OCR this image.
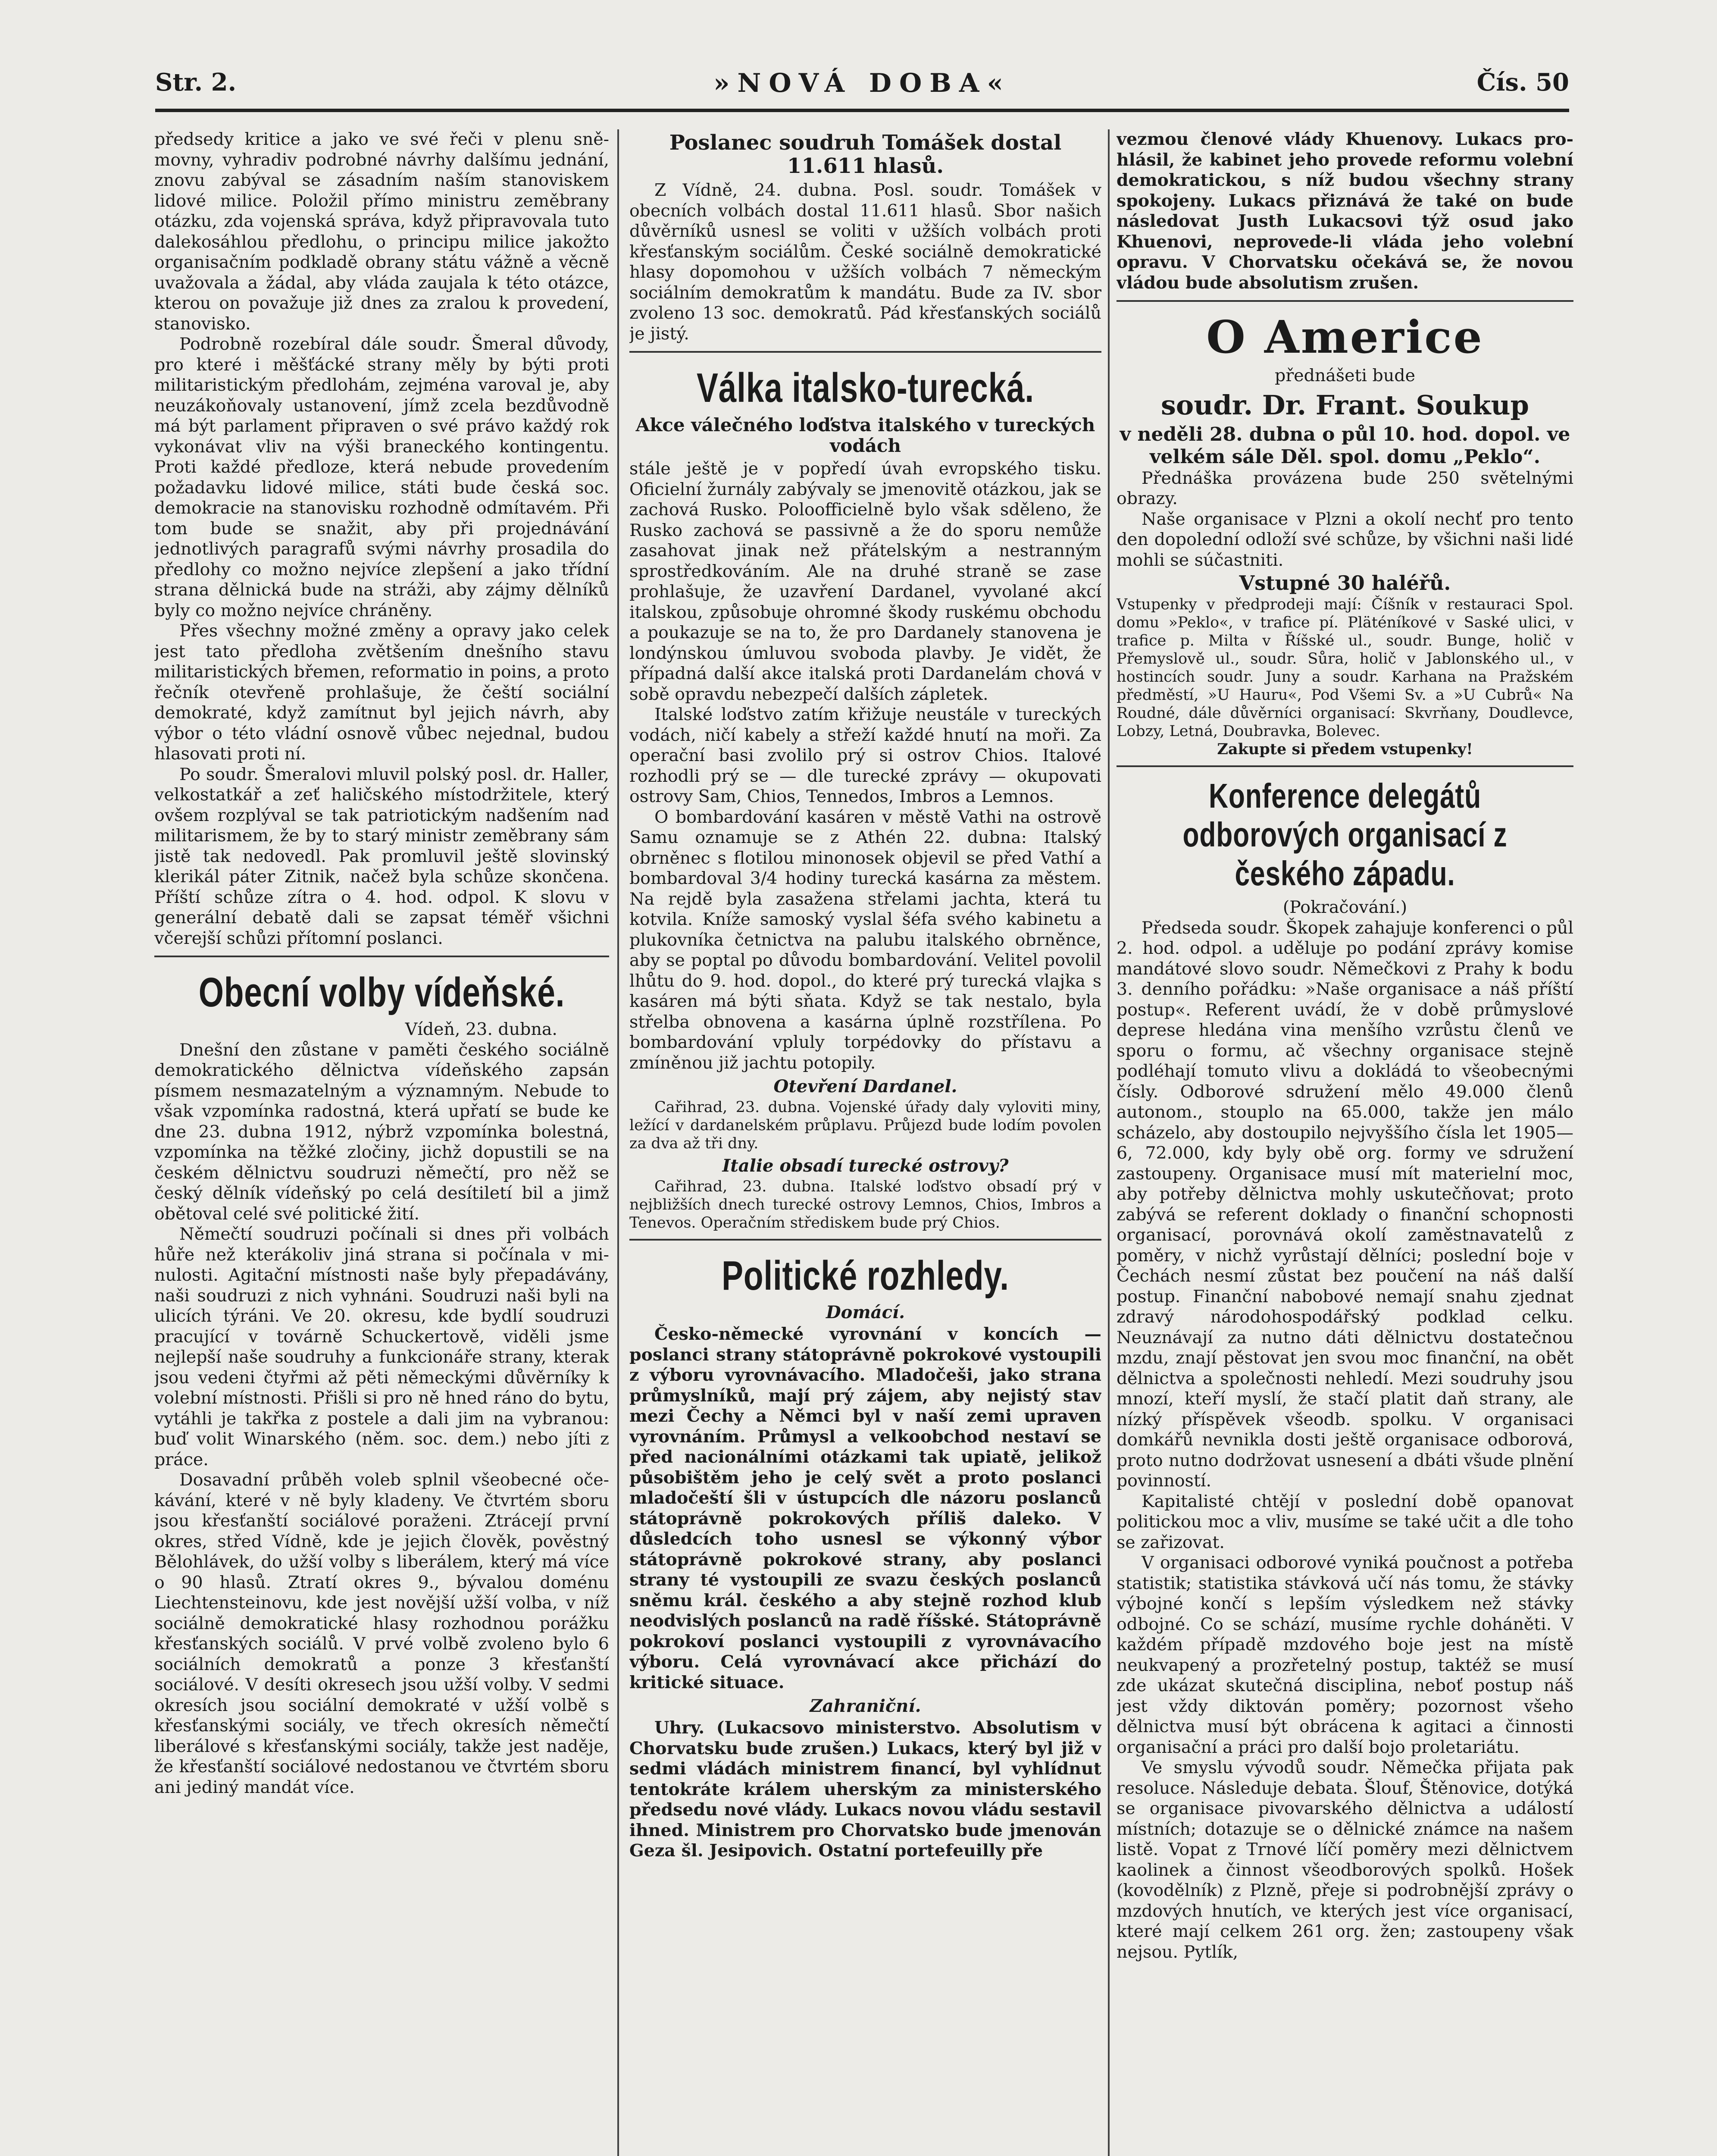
Str. 2.	»NOVÁ DOBA«	Čís. 50

předsedy kritice a jako ve své řeči v plenu sněmovny, vyhradiv podrobné návrhy dalšímu jednání, znovu zabýval se zásadním naším stanoviskem lidové milice. Položil přímo ministru zeměbrany otázku, zda vojenská správa, když připravovala tuto dalekosáhlou předlohu, o principu milice jakožto organisačním podkladě obrany státu vážně a věcně uvažovala a žádal, aby vláda zaujala k této otázce, kterou on považuje již dnes za zralou k provedení, stanovisko.

Podrobně rozebíral dále soudr. Šmeral důvody, pro které i měšťácké strany měly by býti proti militaristickým předlohám, zejména varoval je, aby neuzákoňovaly ustanovení, jímž zcela bezdůvodně má být parlament připraven o své právo každý rok vykonávat vliv na výši braneckého kontingentu. Proti každé předloze, která nebude provedením požadavku lidové milice, státi bude česká soc. demokracie na stanovisku rozhodně odmítavém. Při tom bude se snažit, aby při projednávání jednotlivých paragrafů svými návrhy prosadila do předlohy co možno nejvíce zlepšení a jako třídní strana dělnická bude na stráži, aby zájmy dělníků byly co možno nejvíce chráněny.

Přes všechny možné změny a opravy jako celek jest tato předloha zvětšením dnešního stavu militaristických břemen, reformatio in poins, a proto řečník otevřeně prohlašuje, že čeští sociální demokraté, když zamítnut byl jejich návrh, aby výbor o této vládní osnově vůbec nejednal, budou hlasovati proti ní.

Po soudr. Šmeralovi mluvil polský posl. dr. Haller, velkostatkář a zeť haličského místodržitele, který ovšem rozplýval se tak patriotickým nadšením nad militarismem, že by to starý ministr zeměbrany sám jistě tak nedovedl. Pak promluvil ještě slovinský klerikál páter Zitnik, načež byla schůze skončena. Příští schůze zítra o 4. hod. odpol. K slovu v generální debatě dali se zapsat téměř všichni včerejší schůzi přítomní poslanci.

Obecní volby vídeňské.

Vídeň, 23. dubna.

Dnešní den zůstane v paměti českého sociálně demokratického dělnictva vídeňského zapsán písmem nesmazatelným a významným. Nebude to však vzpomínka radostná, která upřatí se bude ke dne 23. dubna 1912, nýbrž vzpomínka bolestná, vzpomínka na těžké zločiny, jichž dopustili se na českém dělnictvu soudruzi němečtí, pro něž se český dělník vídeňský po celá desítiletí bil a jimž obětoval celé své politické žití.

Němečtí soudruzi počínali si dnes při volbách hůře než kterákoliv jiná strana si počínala v minulosti. Agitační místnosti naše byly přepadávány, naši soudruzi z nich vyhnáni. Soudruzi naši byli na ulicích týráni. Ve 20. okresu, kde bydlí soudruzi pracující v továrně Schuckertově, viděli jsme nejlepší naše soudruhy a funkcionáře strany, kterak jsou vedeni čtyřmi až pěti německými důvěrníky k volební místnosti. Přišli si pro ně hned ráno do bytu, vytáhli je takřka z postele a dali jim na vybranou: buď volit Winarského (něm. soc. dem.) nebo jíti z práce.

Dosavadní průběh voleb splnil všeobecné očekávání, které v ně byly kladeny. Ve čtvrtém sboru jsou křesťanští sociálové poraženi. Ztrácejí první okres, střed Vídně, kde je jejich člověk, pověstný Bělohlávek, do užší volby s liberálem, který má více o 90 hlasů. Ztratí okres 9., bývalou doménu Liechtensteinovu, kde jest novější užší volba, v níž sociálně demokratické hlasy rozhodnou porážku křesťanských sociálů. V prvé volbě zvoleno bylo 6 sociálních demokratů a ponze 3 křesťanští sociálové. V desíti okresech jsou užší volby. V sedmi okresích jsou sociální demokraté v užší volbě s křesťanskými sociály, ve třech okresích němečtí liberálové s křesťanskými sociály, takže jest naděje, že křesťanští sociálové nedostanou ve čtvrtém sboru ani jediný mandát více.

Poslanec soudruh Tomášek dostal 11.611 hlasů.

Z Vídně, 24. dubna. Posl. soudr. Tomášek v obecních volbách dostal 11.611 hlasů. Sbor našich důvěrníků usnesl se voliti v užších volbách proti křesťanským sociálům. České sociálně demokratické hlasy dopomohou v užších volbách 7 německým sociálním demokratům k mandátu. Bude za IV. sbor zvoleno 13 soc. demokratů. Pád křesťanských sociálů je jistý.

Válka italsko-turecká.
Akce válečného loďstva italského v tureckých vodách

stále ještě je v popředí úvah evropského tisku. Oficielní žurnály zabývaly se jmenovitě otázkou, jak se zachová Rusko. Poloofficielně bylo však sděleno, že Rusko zachová se passivně a že do sporu nemůže zasahovat jinak než přátelským a nestranným sprostředkováním. Ale na druhé straně se zase prohlašuje, že uzavření Dardanel, vyvolané akcí italskou, způsobuje ohromné škody ruskému obchodu a poukazuje se na to, že pro Dardanely stanovena je londýnskou úmluvou svoboda plavby. Je vidět, že případná další akce italská proti Dardanelám chová v sobě opravdu nebezpečí dalších zápletek.

Italské loďstvo zatím křižuje neustále v tureckých vodách, ničí kabely a střeží každé hnutí na moři. Za operační basi zvolilo prý si ostrov Chios. Italové rozhodli prý se — dle turecké zprávy — okupovati ostrovy Sam, Chios, Tennedos, Imbros a Lemnos.

O bombardování kasáren v městě Vathi na ostrově Samu oznamuje se z Athén 22. dubna: Italský obrněnec s flotilou minonosek objevil se před Vathí a bombardoval 3/4 hodiny turecká kasárna za městem. Na rejdě byla zasažena střelami jachta, která tu kotvila. Kníže samoský vyslal šéfa svého kabinetu a plukovníka četnictva na palubu italského obrněnce, aby se poptal po důvodu bombardování. Velitel povolil lhůtu do 9. hod. dopol., do které prý turecká vlajka s kasáren má býti sňata. Když se tak nestalo, byla střelba obnovena a kasárna úplně rozstřílena. Po bombardování vpluly torpédovky do přístavu a zmíněnou již jachtu potopily.

Otevření Dardanel.

Cařihrad, 23. dubna. Vojenské úřady daly vyloviti miny, ležící v dardanelském průplavu. Průjezd bude lodím povolen za dva až tři dny.

Italie obsadí turecké ostrovy?

Cařihrad, 23. dubna. Italské loďstvo obsadí prý v nejbližších dnech turecké ostrovy Lemnos, Chios, Imbros a Tenevos. Operačním střediskem bude prý Chios.

Politické rozhledy.
Domácí.

Česko-německé vyrovnání v koncích — poslanci strany státoprávně pokrokové vystoupili z výboru vyrovnávacího. Mladočeši, jako strana průmyslníků, mají prý zájem, aby nejistý stav mezi Čechy a Němci byl v naší zemi upraven vyrovnáním. Průmysl a velkoobchod nestaví se před nacionálními otázkami tak upiatě, jelikož působištěm jeho je celý svět a proto poslanci mladočeští šli v ústupcích dle názoru poslanců státoprávně pokrokových příliš daleko. V důsledcích toho usnesl se výkonný výbor státoprávně pokrokové strany, aby poslanci strany té vystoupili ze svazu českých poslanců sněmu král. českého a aby stejně rozhod klub neodvislých poslanců na radě říšské. Státoprávně pokrokoví poslanci vystoupili z vyrovnávacího výboru. Celá vyrovnávací akce přichází do kritické situace.

Zahraniční.

Uhry. (Lukacsovo ministerstvo. Absolutism v Chorvatsku bude zrušen.) Lukacs, který byl již v sedmi vládách ministrem financí, byl vyhlídnut tentokráte králem uherským za ministerského předsedu nové vlády. Lukacs novou vládu sestavil ihned. Ministrem pro Chorvatsko bude jmenován Geza šl. Jesipovich. Ostatní portefeuilly pře

vezmou členové vlády Khuenovy. Lukacs prohlásil, že kabinet jeho provede reformu volební demokratickou, s níž budou všechny strany spokojeny. Lukacs přiznává že také on bude následovat Justh Lukacsovi týž osud jako Khuenovi, neprovede-li vláda jeho volební opravu. V Chorvatsku očekává se, že novou vládou bude absolutism zrušen.

O Americe

přednášeti bude

soudr. Dr. Frant. Soukup

v neděli 28. dubna o půl 10. hod. dopol. ve velkém sále Děl. spol. domu „Peklo“.

Přednáška provázena bude 250 světelnými obrazy.

Naše organisace v Plzni a okolí nechť pro tento den dopolední odloží své schůze, by všichni naši lidé mohli se súčastniti.

Vstupné 30 haléřů.

Vstupenky v předprodeji mají: Číšník v restauraci Spol. domu »Peklo«, v trafice pí. Pläténíkové v Saské ulici, v trafice p. Milta v Říšské ul., soudr. Bunge, holič v Přemyslově ul., soudr. Sůra, holič v Jablonského ul., v hostincích soudr. Juny a soudr. Karhana na Pražském předměstí, »U Hauru«, Pod Všemi Sv. a »U Cubrů« Na Roudné, dále důvěrníci organisací: Skvrňany, Doudlevce, Lobzy, Letná, Doubravka, Bolevec.

Zakupte si předem vstupenky!

Konference delegátů odborových organisací z českého západu.

(Pokračování.)

Předseda soudr. Škopek zahajuje konferenci o půl 2. hod. odpol. a uděluje po podání zprávy komise mandátové slovo soudr. Němečkovi z Prahy k bodu 3. denního pořádku: »Naše organisace a náš příští postup«. Referent uvádí, že v době průmyslové deprese hledána vina menšího vzrůstu členů ve sporu o formu, ač všechny organisace stejně podléhají tomuto vlivu a dokládá to všeobecnými čísly. Odborové sdružení mělo 49.000 členů autonom., stouplo na 65.000, takže jen málo scházelo, aby dostoupilo nejvyššího čísla let 1905—6, 72.000, kdy byly obě org. formy ve sdružení zastoupeny. Organisace musí mít materielní moc, aby potřeby dělnictva mohly uskutečňovat; proto zabývá se referent doklady o finanční schopnosti organisací, porovnává okolí zaměstnavatelů z poměry, v nichž vyrůstají dělníci; poslední boje v Čechách nesmí zůstat bez poučení na náš další postup. Finanční nabobové nemají snahu zjednat zdravý národohospodářský podklad celku. Neuznávají za nutno dáti dělnictvu dostatečnou mzdu, znají pěstovat jen svou moc finanční, na obět dělnictva a společnosti nehledí. Mezi soudruhy jsou mnozí, kteří myslí, že stačí platit daň strany, ale nízký příspěvek všeodb. spolku. V organisaci domkářů nevnikla dosti ještě organisace odborová, proto nutno dodržovat usnesení a dbáti všude plnění povinností.

Kapitalisté chtějí v poslední době opanovat politickou moc a vliv, musíme se také učit a dle toho se zařizovat.

V organisaci odborové vyniká poučnost a potřeba statistik; statistika stávková učí nás tomu, že stávky výbojné končí s lepším výsledkem než stávky odbojné. Co se schází, musíme rychle doháněti. V každém případě mzdového boje jest na místě neukvapený a prozřetelný postup, taktéž se musí zde ukázat skutečná disciplina, neboť postup náš jest vždy diktován poměry; pozornost všeho dělnictva musí být obrácena k agitaci a činnosti organisační a práci pro další bojo proletariátu.

Ve smyslu vývodů soudr. Němečka přijata pak resoluce. Následuje debata. Šlouf, Štěnovice, dotýká se organisace pivovarského dělnictva a událostí místních; dotazuje se o dělnické známce na našem listě. Vopat z Trnové líčí poměry mezi dělnictvem kaolinek a činnost všeodborových spolků. Hošek (kovodělník) z Plzně, přeje si podrobnější zprávy o mzdových hnutích, ve kterých jest více organisací, které mají celkem 261 org. žen; zastoupeny však nejsou. Pytlík,
